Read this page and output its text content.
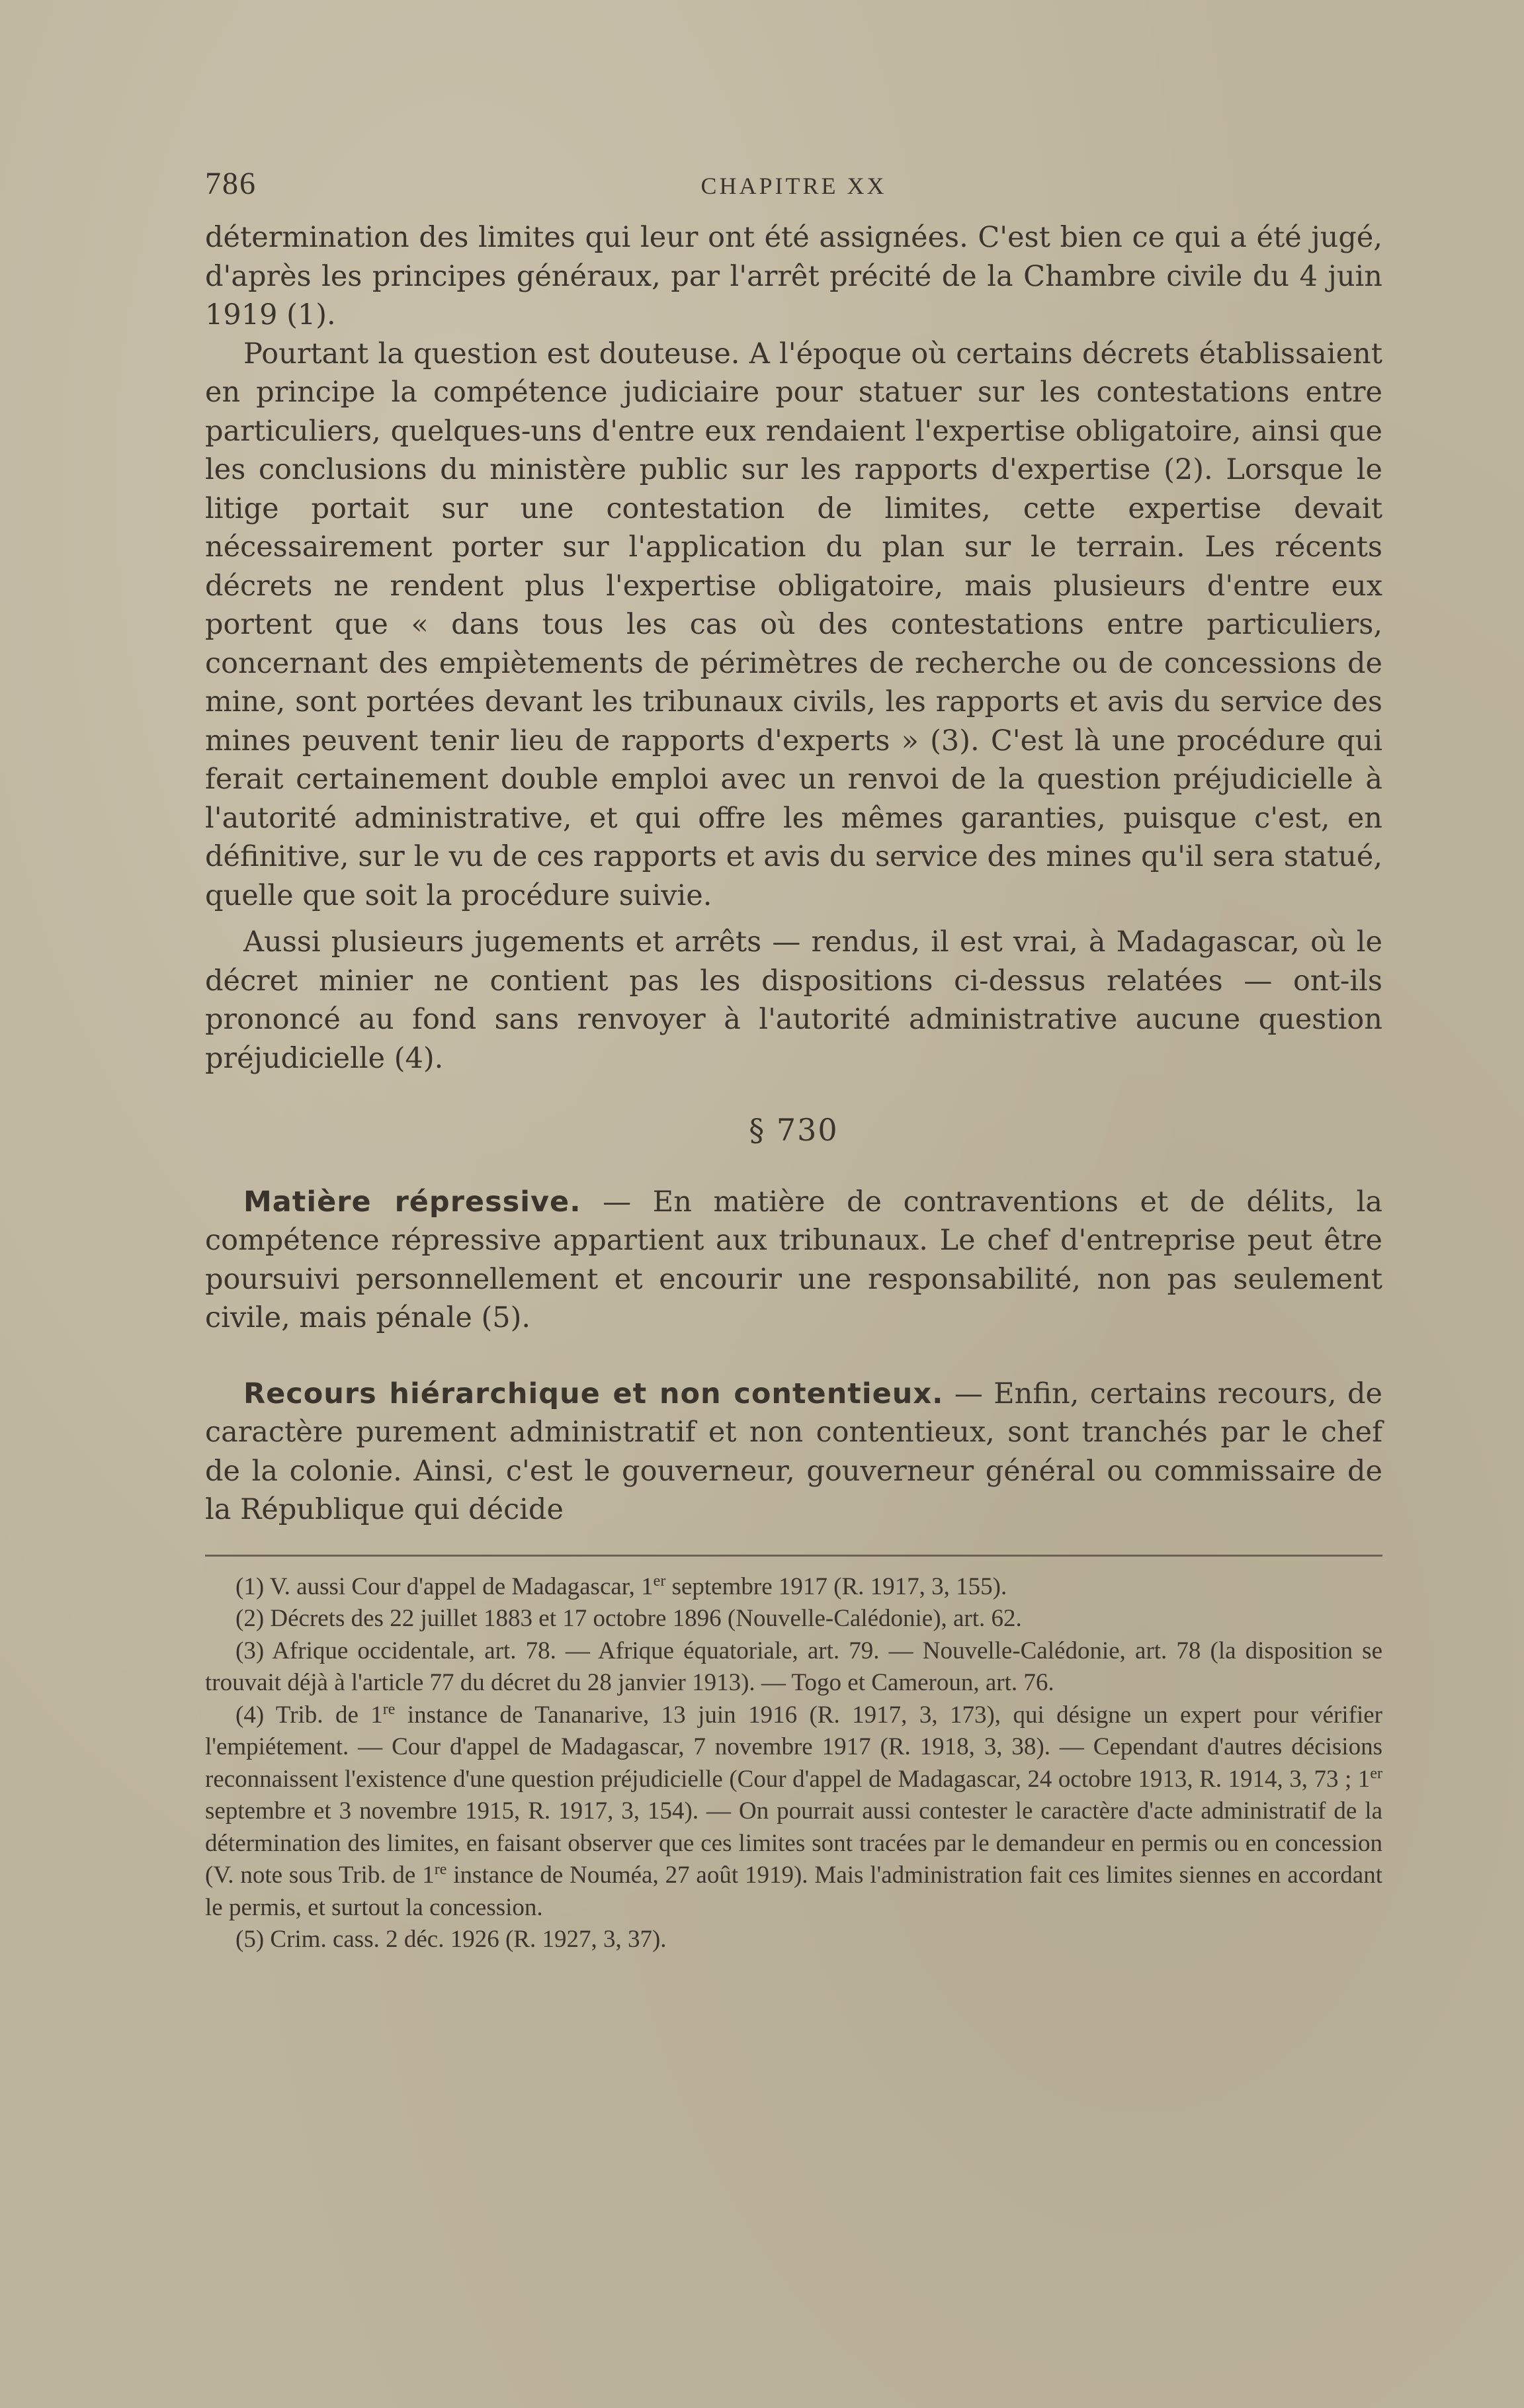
786	CHAPITRE XX

détermination des limites qui leur ont été assignées. C'est bien ce qui a été jugé, d'après les principes généraux, par l'arrêt précité de la Chambre civile du 4 juin 1919 (1).

Pourtant la question est douteuse. A l'époque où certains décrets établissaient en principe la compétence judiciaire pour statuer sur les contestations entre particuliers, quelques-uns d'entre eux rendaient l'expertise obligatoire, ainsi que les conclusions du ministère public sur les rapports d'expertise (2). Lorsque le litige portait sur une contestation de limites, cette expertise devait nécessairement porter sur l'application du plan sur le terrain. Les récents décrets ne rendent plus l'expertise obligatoire, mais plusieurs d'entre eux portent que « dans tous les cas où des contestations entre particuliers, concernant des empiètements de périmètres de recherche ou de concessions de mine, sont portées devant les tribunaux civils, les rapports et avis du service des mines peuvent tenir lieu de rapports d'experts » (3). C'est là une procédure qui ferait certainement double emploi avec un renvoi de la question préjudicielle à l'autorité administrative, et qui offre les mêmes garanties, puisque c'est, en définitive, sur le vu de ces rapports et avis du service des mines qu'il sera statué, quelle que soit la procédure suivie.

Aussi plusieurs jugements et arrêts — rendus, il est vrai, à Madagascar, où le décret minier ne contient pas les dispositions ci-dessus relatées — ont-ils prononcé au fond sans renvoyer à l'autorité administrative aucune question préjudicielle (4).

§ 730

Matière répressive. — En matière de contraventions et de délits, la compétence répressive appartient aux tribunaux. Le chef d'entreprise peut être poursuivi personnellement et encourir une responsabilité, non pas seulement civile, mais pénale (5).

Recours hiérarchique et non contentieux. — Enfin, certains recours, de caractère purement administratif et non contentieux, sont tranchés par le chef de la colonie. Ainsi, c'est le gouverneur, gouverneur général ou commissaire de la République qui décide

(1) V. aussi Cour d'appel de Madagascar, 1er septembre 1917 (R. 1917, 3, 155).

(2) Décrets des 22 juillet 1883 et 17 octobre 1896 (Nouvelle-Calédonie), art. 62.

(3) Afrique occidentale, art. 78. — Afrique équatoriale, art. 79. — Nouvelle-Calédonie, art. 78 (la disposition se trouvait déjà à l'article 77 du décret du 28 janvier 1913). — Togo et Cameroun, art. 76.

(4) Trib. de 1re instance de Tananarive, 13 juin 1916 (R. 1917, 3, 173), qui désigne un expert pour vérifier l'empiétement. — Cour d'appel de Madagascar, 7 novembre 1917 (R. 1918, 3, 38). — Cependant d'autres décisions reconnaissent l'existence d'une question préjudicielle (Cour d'appel de Madagascar, 24 octobre 1913, R. 1914, 3, 73 ; 1er septembre et 3 novembre 1915, R. 1917, 3, 154). — On pourrait aussi contester le caractère d'acte administratif de la détermination des limites, en faisant observer que ces limites sont tracées par le demandeur en permis ou en concession (V. note sous Trib. de 1re instance de Nouméa, 27 août 1919). Mais l'administration fait ces limites siennes en accordant le permis, et surtout la concession.

(5) Crim. cass. 2 déc. 1926 (R. 1927, 3, 37).
